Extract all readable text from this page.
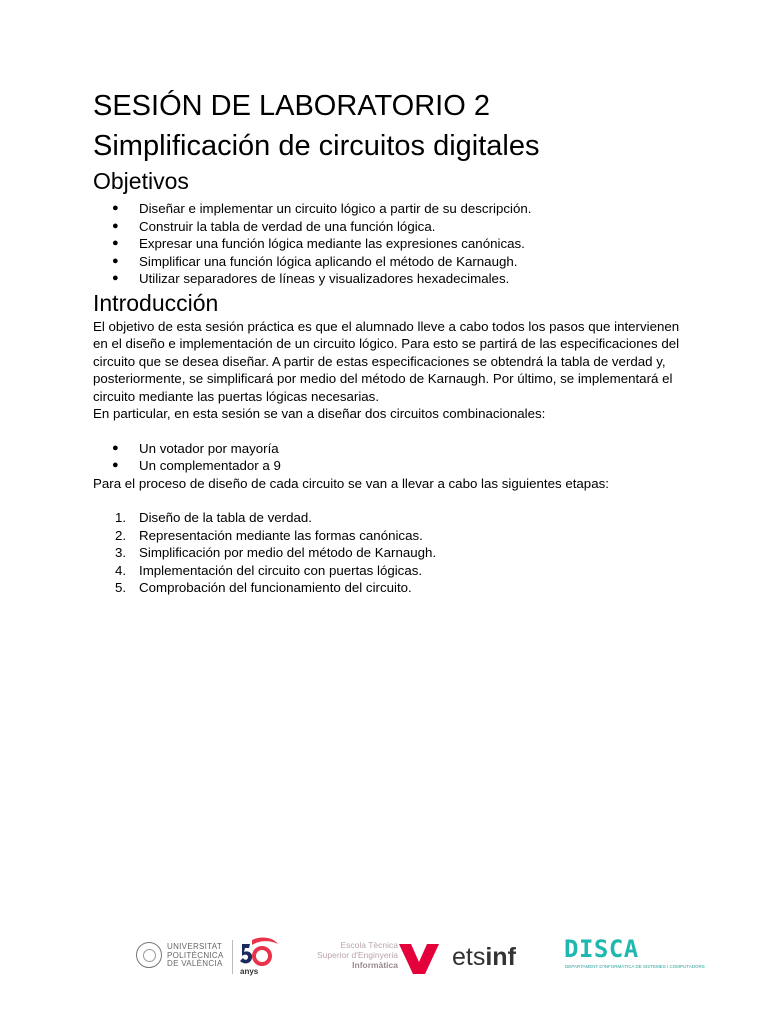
SESIÓN DE LABORATORIO 2
Simplificación de circuitos digitales
Objetivos
● Diseñar e implementar un circuito lógico a partir de su descripción.
● Construir la tabla de verdad de una función lógica.
● Expresar una función lógica mediante las expresiones canónicas.
● Simplificar una función lógica aplicando el método de Karnaugh.
● Utilizar separadores de líneas y visualizadores hexadecimales.
Introducción

El objetivo de esta sesión práctica es que el alumnado lleve a cabo todos los pasos que intervienen en el diseño e implementación de un circuito lógico. Para esto se partirá de las especificaciones del circuito que se desea diseñar. A partir de estas especificaciones se obtendrá la tabla de verdad y, posteriormente, se simplificará por medio del método de Karnaugh. Por último, se implementará el circuito mediante las puertas lógicas necesarias.

En particular, en esta sesión se van a diseñar dos circuitos combinacionales:

● Un votador por mayoría
● Un complementador a 9

Para el proceso de diseño de cada circuito se van a llevar a cabo las siguientes etapas:

1. Diseño de la tabla de verdad.
2. Representación mediante las formas canónicas.
3. Simplificación por medio del método de Karnaugh.
4. Implementación del circuito con puertas lógicas.
5. Comprobación del funcionamiento del circuito.
UNIVERSITAT
POLITÈCNICA
DE VALÈNCIA
anys
Escola Tècnica
Superior d'Enginyeria
Informàtica etsinf DISCA
DEPARTAMENT D'INFORMÀTICA DE SISTEMES I COMPUTADORS
